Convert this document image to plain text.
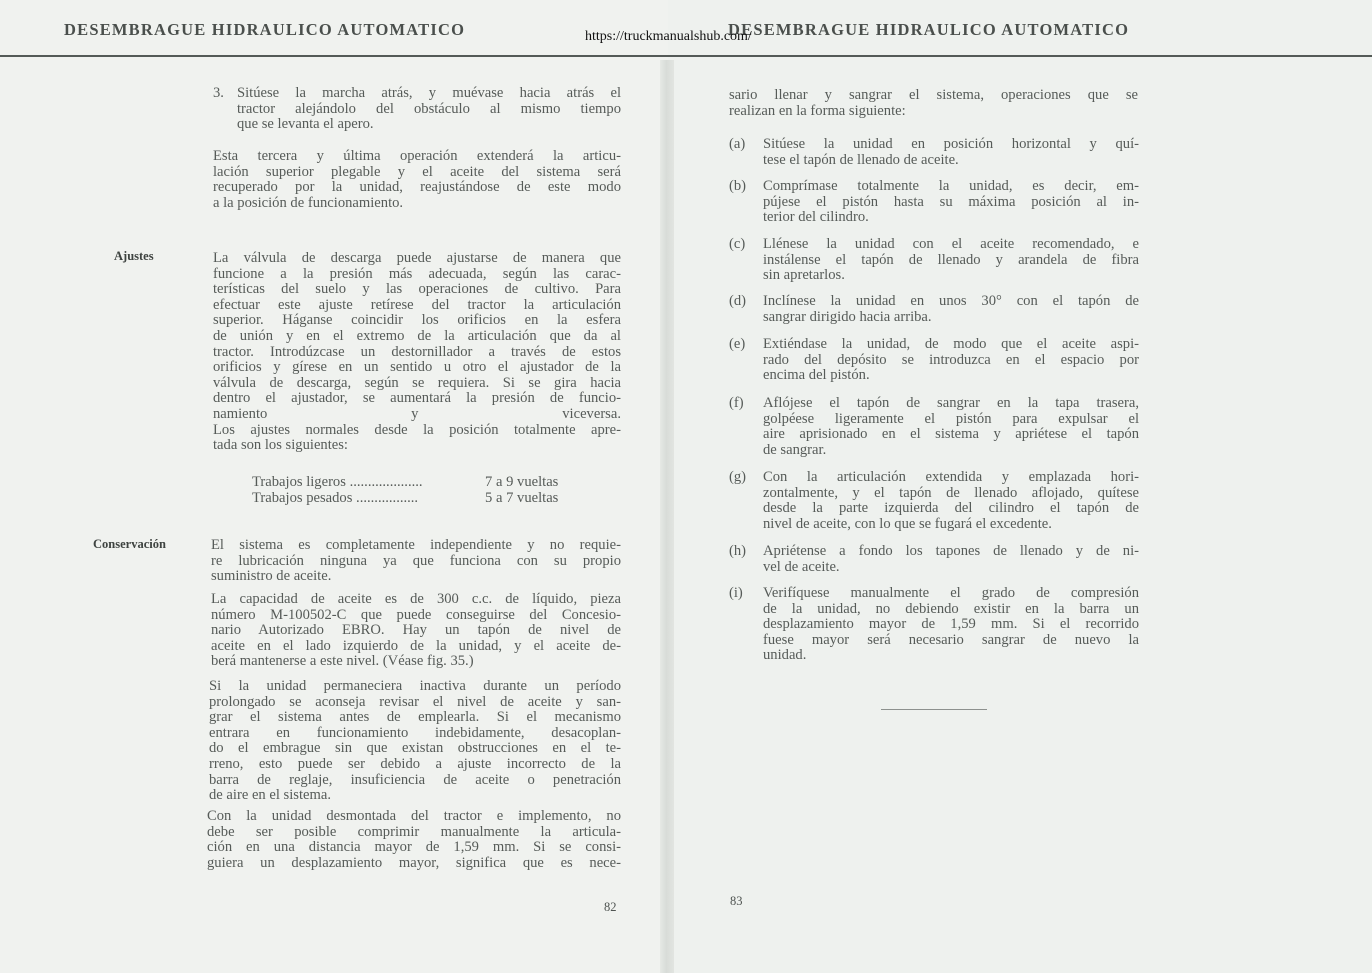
DESEMBRAGUE HIDRAULICO AUTOMATICO	DESEMBRAGUE HIDRAULICO AUTOMATICO
https://truckmanualshub.com/
3. Sitúese la marcha atrás, y muévase hacia atrás el
tractor alejándolo del obstáculo al mismo tiempo
que se levanta el apero.
Esta tercera y última operación extenderá la articu-
lación superior plegable y el aceite del sistema será
recuperado por la unidad, reajustándose de este modo
a la posición de funcionamiento.
Ajustes	La válvula de descarga puede ajustarse de manera que
funcione a la presión más adecuada, según las carac-
terísticas del suelo y las operaciones de cultivo. Para
efectuar este ajuste retírese del tractor la articulación
superior. Háganse coincidir los orificios en la esfera
de unión y en el extremo de la articulación que da al
tractor. Introdúzcase un destornillador a través de estos
orificios y gírese en un sentido u otro el ajustador de la
válvula de descarga, según se requiera. Si se gira hacia
dentro el ajustador, se aumentará la presión de funcio-
namiento y viceversa.
Los ajustes normales desde la posición totalmente apre-
tada son los siguientes:
Trabajos ligeros ....................	7 a 9 vueltas
Trabajos pesados .................	5 a 7 vueltas
Conservación	El sistema es completamente independiente y no requie-
re lubricación ninguna ya que funciona con su propio
suministro de aceite.
La capacidad de aceite es de 300 c.c. de líquido, pieza
número M-100502-C que puede conseguirse del Concesio-
nario Autorizado EBRO. Hay un tapón de nivel de
aceite en el lado izquierdo de la unidad, y el aceite de-
berá mantenerse a este nivel. (Véase fig. 35.)
Si la unidad permaneciera inactiva durante un período
prolongado se aconseja revisar el nivel de aceite y san-
grar el sistema antes de emplearla. Si el mecanismo
entrara en funcionamiento indebidamente, desacoplan-
do el embrague sin que existan obstrucciones en el te-
rreno, esto puede ser debido a ajuste incorrecto de la
barra de reglaje, insuficiencia de aceite o penetración
de aire en el sistema.
Con la unidad desmontada del tractor e implemento, no
debe ser posible comprimir manualmente la articula-
ción en una distancia mayor de 1,59 mm. Si se consi-
guiera un desplazamiento mayor, significa que es nece-
82
sario llenar y sangrar el sistema, operaciones que se
realizan en la forma siguiente:
(a) Sitúese la unidad en posición horizontal y quí-
tese el tapón de llenado de aceite.
(b) Comprímase totalmente la unidad, es decir, em-
pújese el pistón hasta su máxima posición al in-
terior del cilindro.
(c) Llénese la unidad con el aceite recomendado, e
instálense el tapón de llenado y arandela de fibra
sin apretarlos.
(d) Inclínese la unidad en unos 30° con el tapón de
sangrar dirigido hacia arriba.
(e) Extiéndase la unidad, de modo que el aceite aspi-
rado del depósito se introduzca en el espacio por
encima del pistón.
(f) Aflójese el tapón de sangrar en la tapa trasera,
golpéese ligeramente el pistón para expulsar el
aire aprisionado en el sistema y apriétese el tapón
de sangrar.
(g) Con la articulación extendida y emplazada hori-
zontalmente, y el tapón de llenado aflojado, quítese
desde la parte izquierda del cilindro el tapón de
nivel de aceite, con lo que se fugará el excedente.
(h) Apriétense a fondo los tapones de llenado y de ni-
vel de aceite.
(i) Verifíquese manualmente el grado de compresión
de la unidad, no debiendo existir en la barra un
desplazamiento mayor de 1,59 mm. Si el recorrido
fuese mayor será necesario sangrar de nuevo la
unidad.
83
